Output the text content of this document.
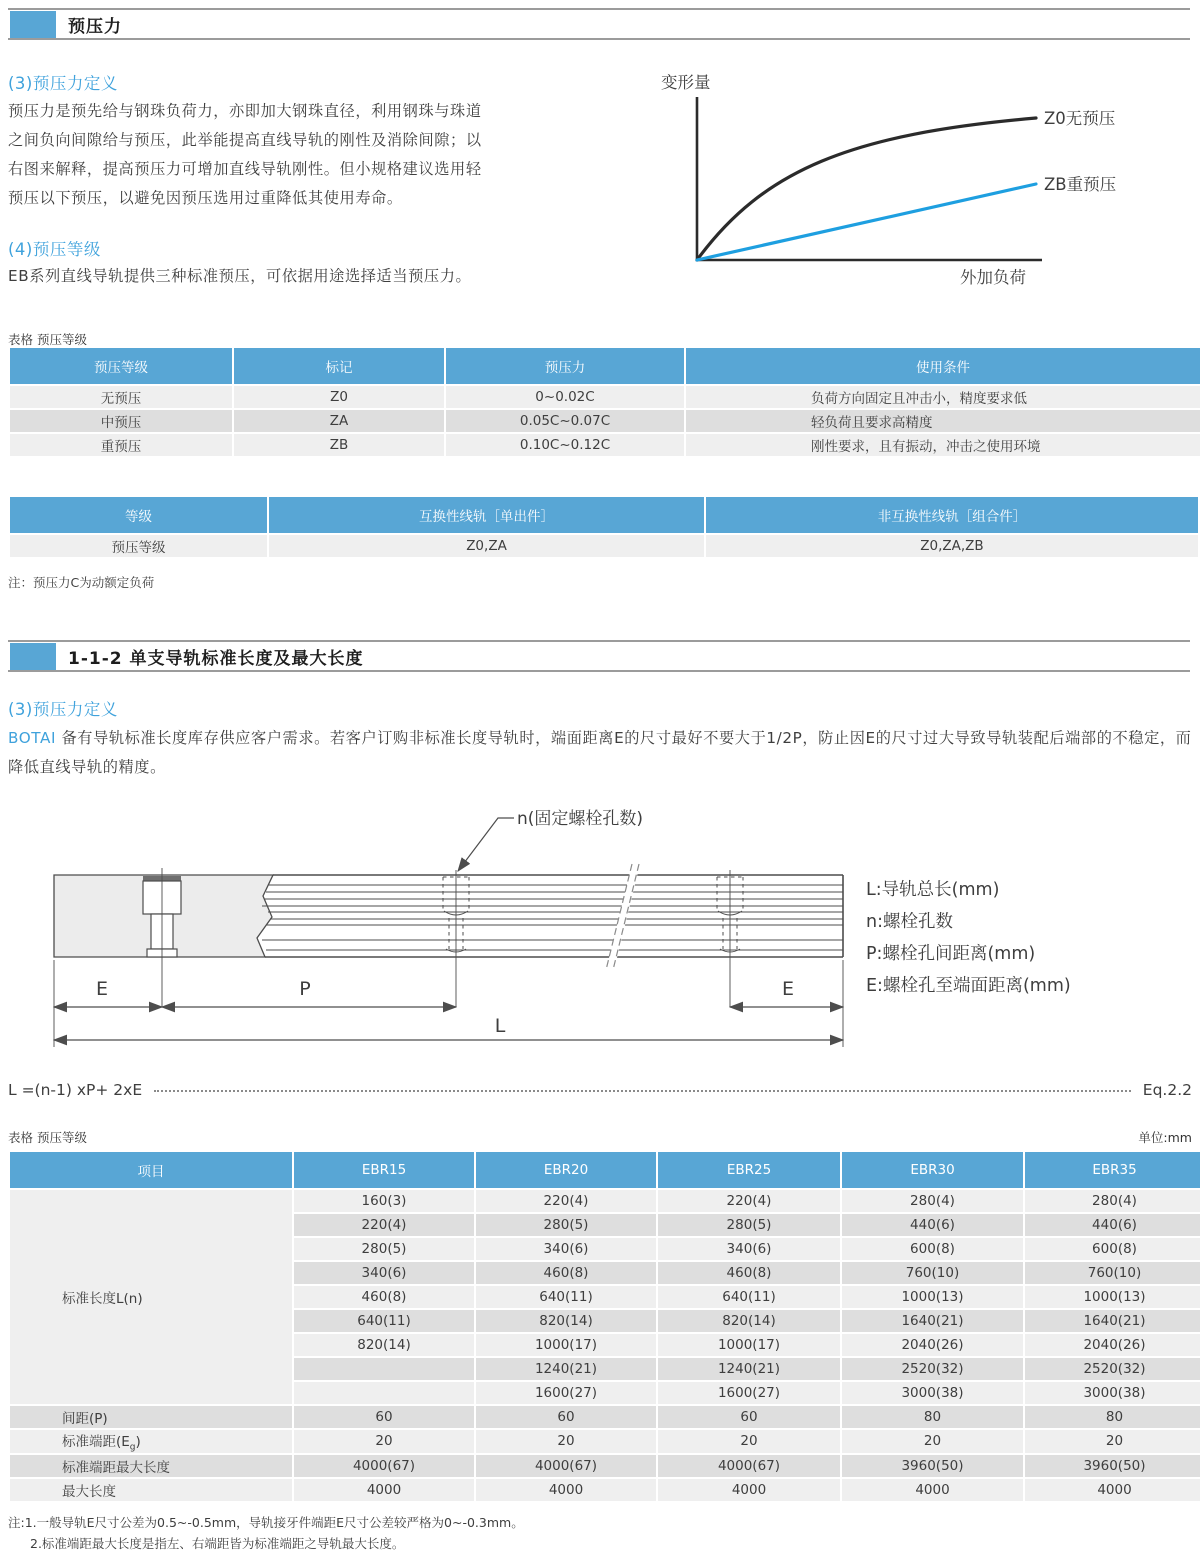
预压力
(3)预压力定义
预压力是预先给与钢珠负荷力，亦即加大钢珠直径，利用钢珠与珠道
之间负向间隙给与预压，此举能提高直线导轨的刚性及消除间隙；以
右图来解释，提高预压力可增加直线导轨刚性。但小规格建议选用轻
预压以下预压，以避免因预压选用过重降低其使用寿命。
(4)预压等级
EB系列直线导轨提供三种标准预压，可依据用途选择适当预压力。
变形量
Z0无预压
ZB重预压
外加负荷
表格 预压等级
预压等级	标记	预压力	使用条件
无预压	Z0	0~0.02C	负荷方向固定且冲击小，精度要求低
中预压	ZA	0.05C~0.07C	轻负荷且要求高精度
重预压	ZB	0.10C~0.12C	刚性要求，且有振动，冲击之使用环境
等级	互换性线轨［单出件］	非互换性线轨［组合件］
预压等级	Z0,ZA	Z0,ZA,ZB
注：预压力C为动额定负荷
1-1-2 单支导轨标准长度及最大长度
(3)预压力定义
BOTAI 备有导轨标准长度库存供应客户需求。若客户订购非标准长度导轨时，端面距离E的尺寸最好不要大于1/2P，防止因E的尺寸过大导致导轨装配后端部的不稳定，而降低直线导轨的精度。
E	P	E
L
n(固定螺栓孔数)
L:导轨总长(mm)
n:螺栓孔数
P:螺栓孔间距离(mm)
E:螺栓孔至端面距离(mm)
L =(n-1) xP+ 2xE	Eq.2.2
表格 预压等级	单位:mm
项目	EBR15	EBR20	EBR25	EBR30	EBR35
标准长度L(n)	160(3)	220(4)	220(4)	280(4)	280(4)
	220(4)	280(5)	280(5)	440(6)	440(6)
	280(5)	340(6)	340(6)	600(8)	600(8)
	340(6)	460(8)	460(8)	760(10)	760(10)
	460(8)	640(11)	640(11)	1000(13)	1000(13)
	640(11)	820(14)	820(14)	1640(21)	1640(21)
	820(14)	1000(17)	1000(17)	2040(26)	2040(26)
		1240(21)	1240(21)	2520(32)	2520(32)
		1600(27)	1600(27)	3000(38)	3000(38)
间距(P)	60	60	60	80	80
标准端距$(E_g)$	20	20	20	20	20
标准端距最大长度	4000(67)	4000(67)	4000(67)	3960(50)	3960(50)
最大长度	4000	4000	4000	4000	4000
注:1.一般导轨E尺寸公差为0.5~-0.5mm，导轨接牙件端距E尺寸公差较严格为0~-0.3mm。
2.标准端距最大长度是指左、右端距皆为标准端距之导轨最大长度。
